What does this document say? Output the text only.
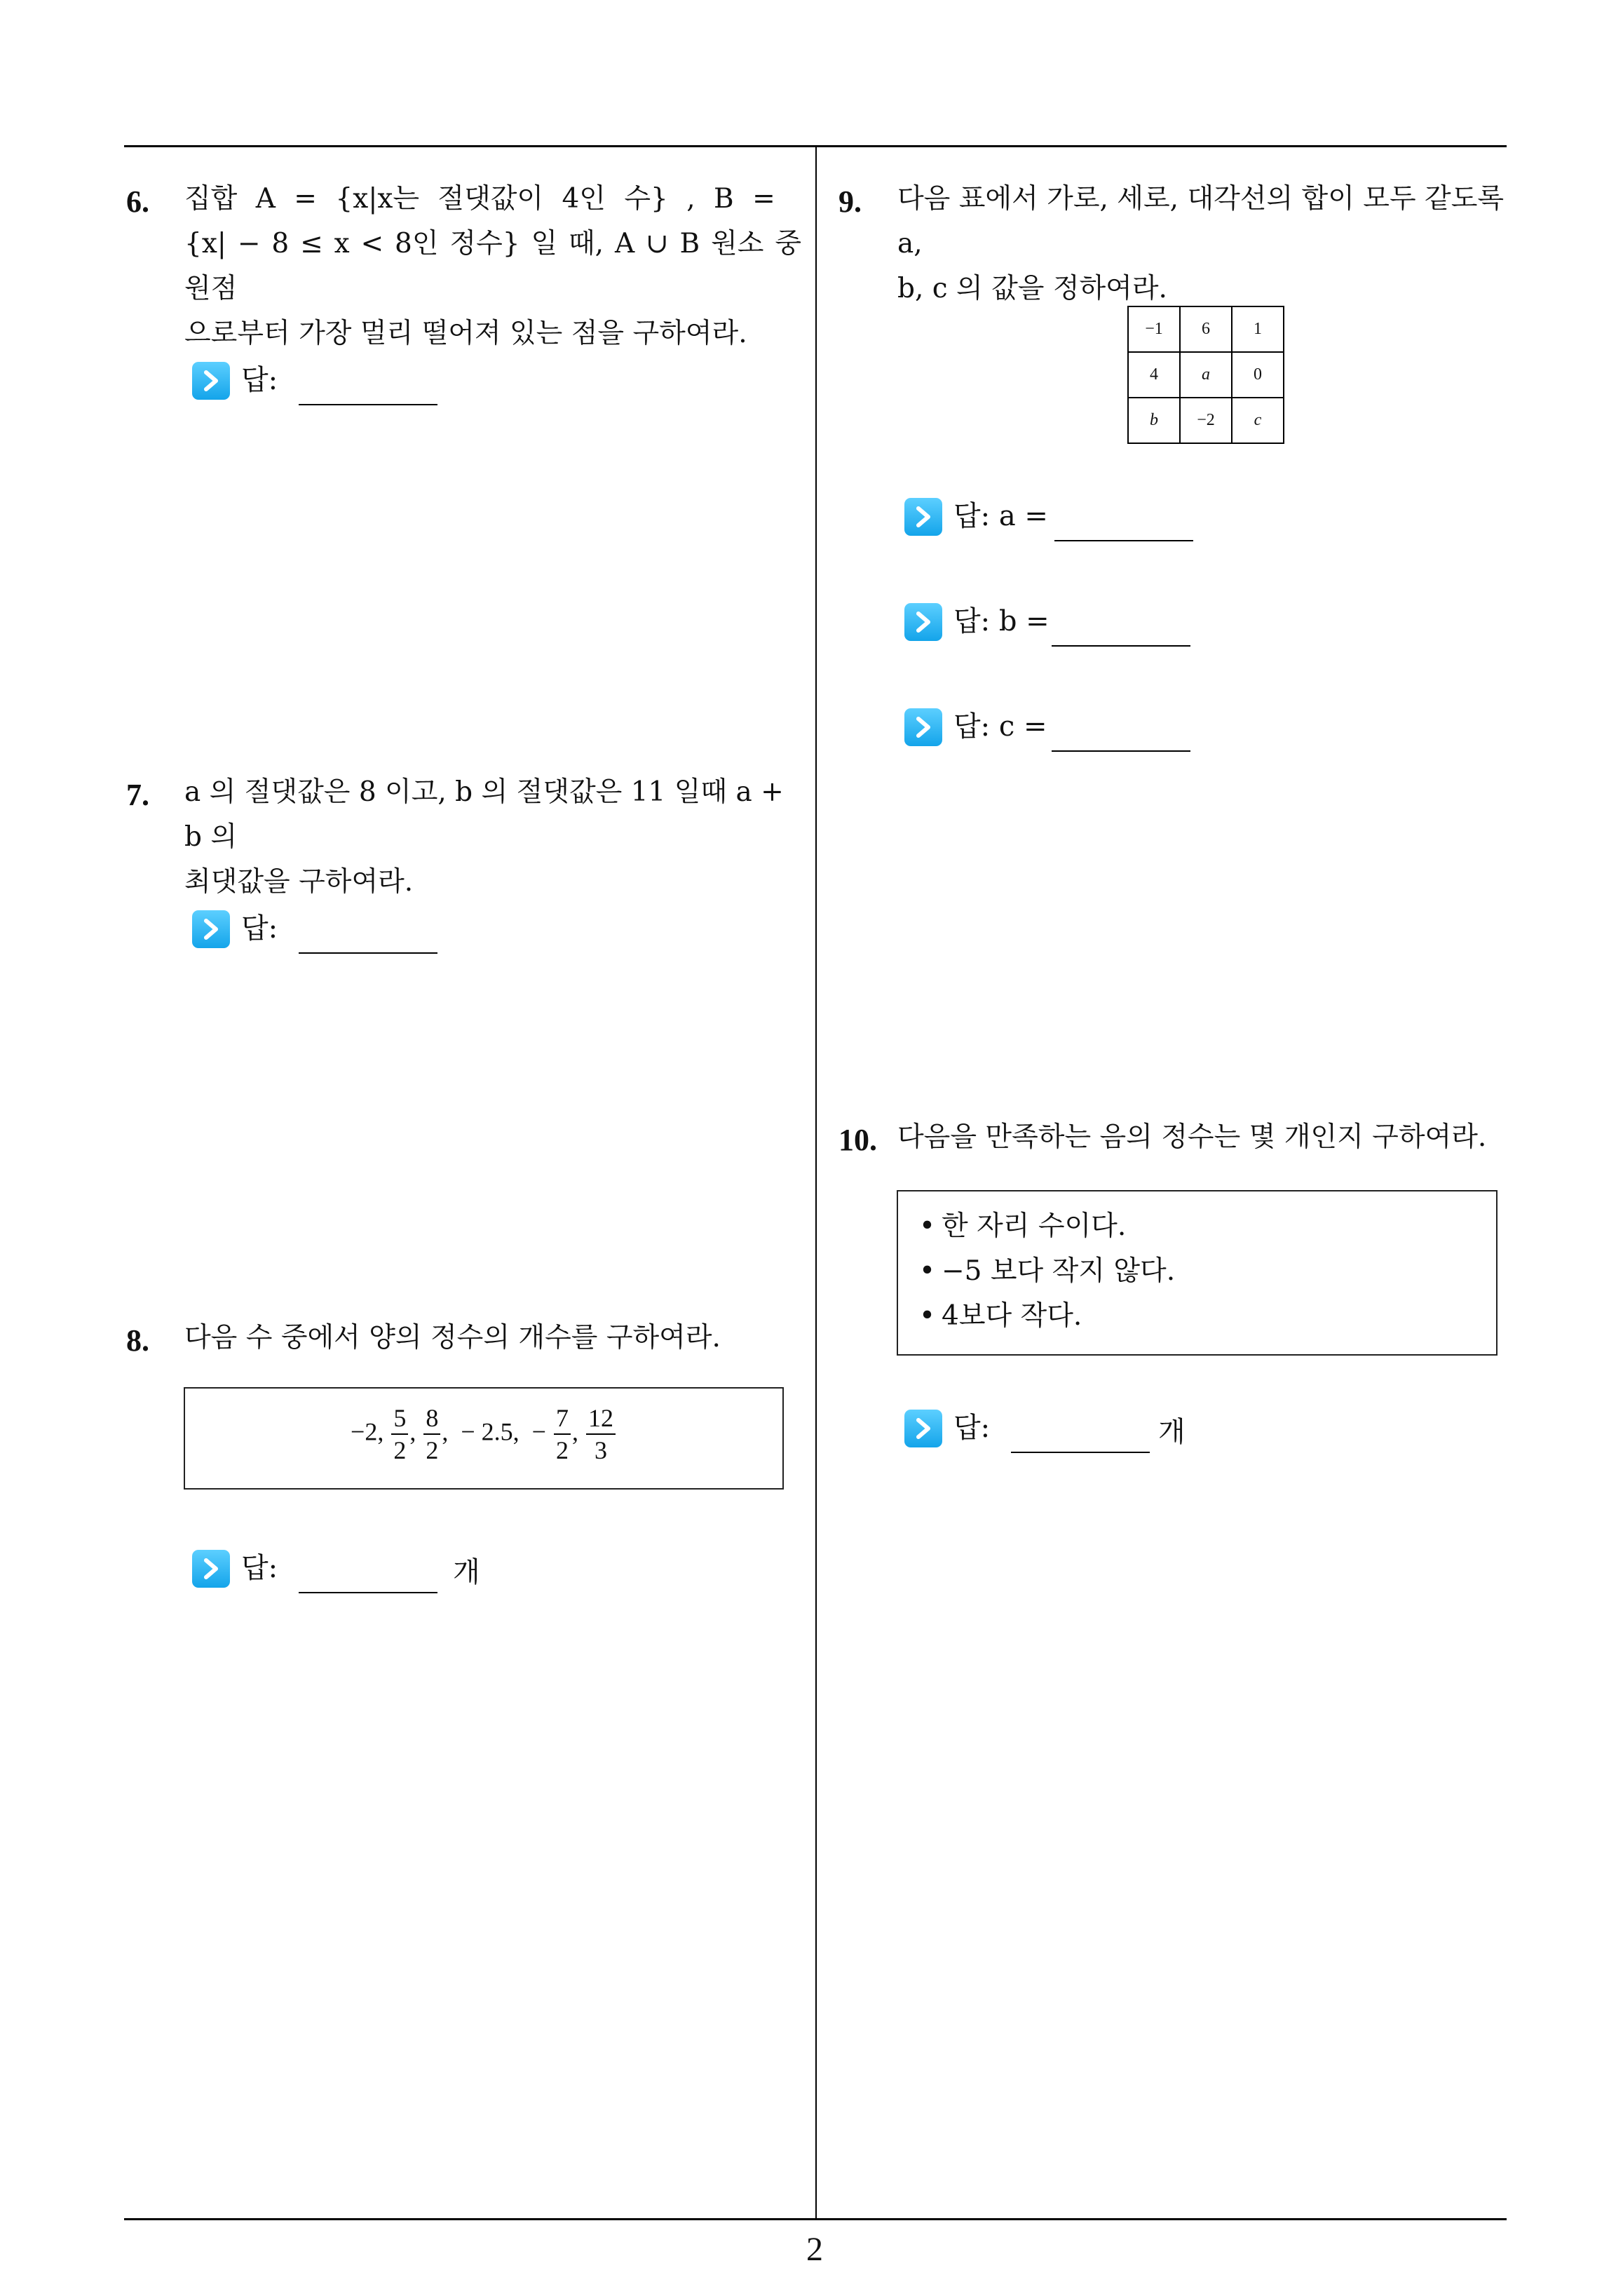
6. 집합 A = {x|x는 절댓값이 4인 수} , B =
{x| − 8 ≤ x < 8인 정수} 일 때, A ∪ B 원소 중 원점
으로부터 가장 멀리 떨어져 있는 점을 구하여라.
답:
7. a 의 절댓값은 8 이고, b 의 절댓값은 11 일때 a + b 의
최댓값을 구하여라.
답:
8. 다음 수 중에서 양의 정수의 개수를 구하여라.
−2, $\frac{5}{2}$ , $\frac{8}{2}$ ,  − 2.5, − $\frac{7}{2}$ , $\frac{12}{3}$
답:	개
9. 다음 표에서 가로, 세로, 대각선의 합이 모두 같도록 a,
b, c 의 값을 정하여라.
−1	6	1
4	a	0
b	−2	c
답: a =
답: b =
답: c =
10. 다음을 만족하는 음의 정수는 몇 개인지 구하여라.
• 한 자리 수이다.
• −5 보다 작지 않다.
• 4보다 작다.
답:	개
2
